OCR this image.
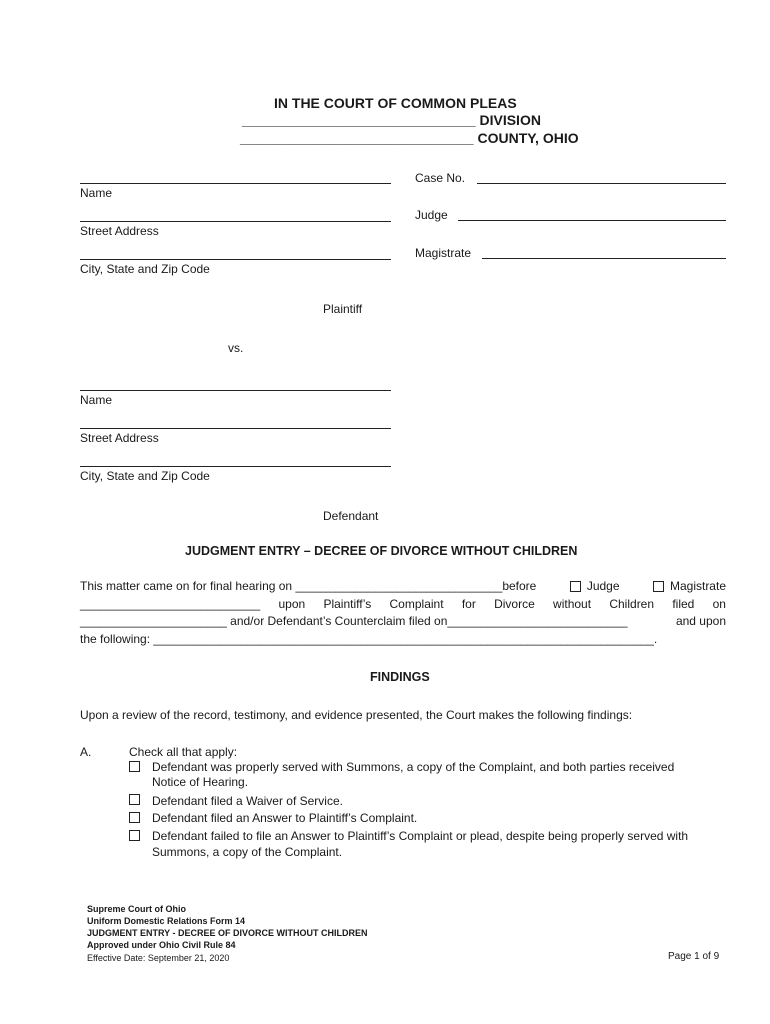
IN THE COURT OF COMMON PLEAS
______________________________ DIVISION
______________________________ COUNTY, OHIO
Name
Street Address
City, State and Zip Code
Plaintiff
Case No.
Judge
Magistrate
vs.
Name
Street Address
City, State and Zip Code
Defendant
JUDGMENT ENTRY – DECREE OF DIVORCE WITHOUT CHILDREN
This matter came on for final hearing on _______________________________before	Judge	Magistrate
___________________________ upon Plaintiff’s Complaint for Divorce without Children filed on
______________________ and/or Defendant’s Counterclaim filed on___________________________	and upon
the following: ___________________________________________________________________________.
FINDINGS
Upon a review of the record, testimony, and evidence presented, the Court makes the following findings:
A.	Check all that apply:
Defendant was properly served with Summons, a copy of the Complaint, and both parties received
Notice of Hearing.
Defendant filed a Waiver of Service.
Defendant filed an Answer to Plaintiff’s Complaint.
Defendant failed to file an Answer to Plaintiff’s Complaint or plead, despite being properly served with
Summons, a copy of the Complaint.
Supreme Court of Ohio
Uniform Domestic Relations Form 14
JUDGMENT ENTRY - DECREE OF DIVORCE WITHOUT CHILDREN
Approved under Ohio Civil Rule 84
Effective Date: September 21, 2020	Page 1 of 9
